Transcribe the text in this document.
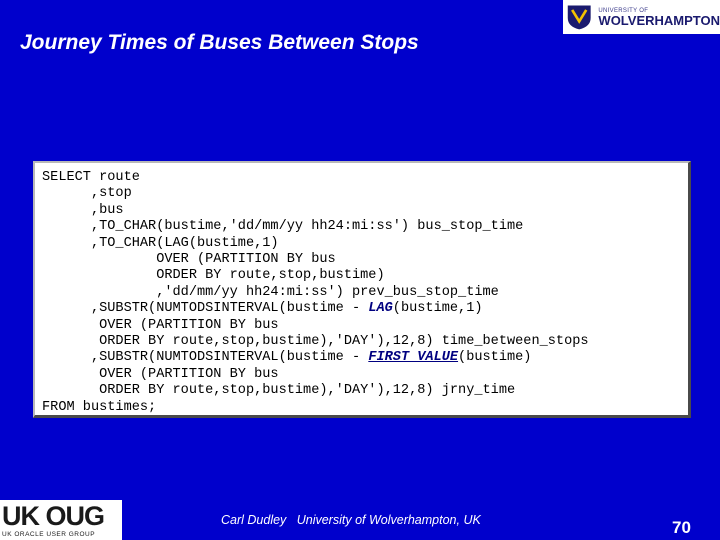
Journey Times of Buses Between Stops
UNIVERSITY OF
WOLVERHAMPTON
SELECT route
,stop
,bus
,TO_CHAR(bustime,'dd/mm/yy hh24:mi:ss') bus_stop_time
,TO_CHAR(LAG(bustime,1)
OVER (PARTITION BY bus
ORDER BY route,stop,bustime)
,'dd/mm/yy hh24:mi:ss') prev_bus_stop_time
,SUBSTR(NUMTODSINTERVAL(bustime - LAG(bustime,1)
OVER (PARTITION BY bus
ORDER BY route,stop,bustime),'DAY'),12,8) time_between_stops
,SUBSTR(NUMTODSINTERVAL(bustime - FIRST_VALUE(bustime)
OVER (PARTITION BY bus
ORDER BY route,stop,bustime),'DAY'),12,8) jrny_time
FROM bustimes;
UK OUG
UK ORACLE USER GROUP
Carl Dudley   University of Wolverhampton, UK	70
